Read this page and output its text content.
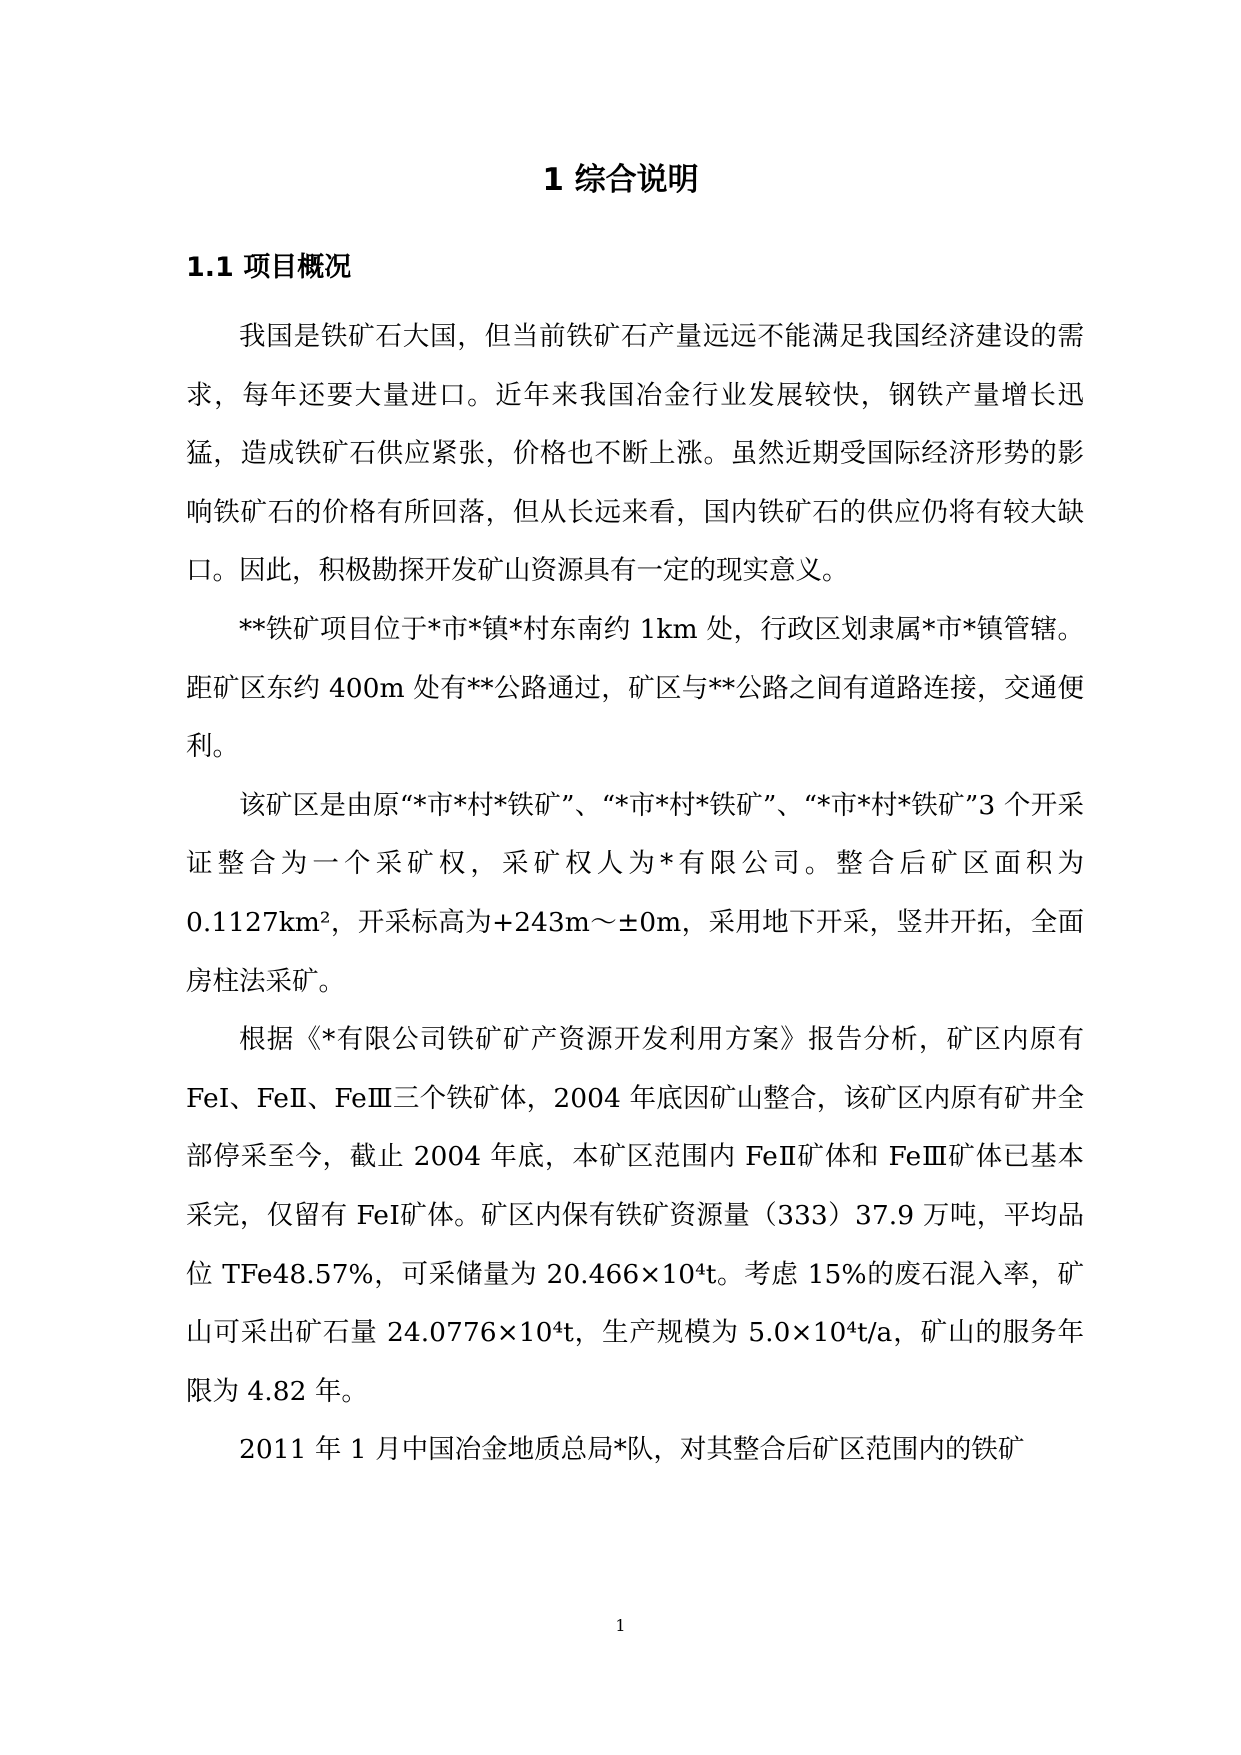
1 综合说明
1.1 项目概况

我国是铁矿石大国，但当前铁矿石产量远远不能满足我国经济建设的需求，每年还要大量进口。近年来我国冶金行业发展较快，钢铁产量增长迅猛，造成铁矿石供应紧张，价格也不断上涨。虽然近期受国际经济形势的影响铁矿石的价格有所回落，但从长远来看，国内铁矿石的供应仍将有较大缺口。因此，积极勘探开发矿山资源具有一定的现实意义。

**铁矿项目位于*市*镇*村东南约 1km 处，行政区划隶属*市*镇管辖。距矿区东约 400m 处有**公路通过，矿区与**公路之间有道路连接，交通便利。

该矿区是由原“*市*村*铁矿”、“*市*村*铁矿”、“*市*村*铁矿”3 个开采证整合为一个采矿权，采矿权人为*有限公司。整合后矿区面积为 0.1127km²，开采标高为+243m～±0m，采用地下开采，竖井开拓，全面房柱法采矿。

根据《*有限公司铁矿矿产资源开发利用方案》报告分析，矿区内原有 FeⅠ、FeⅡ、FeⅢ三个铁矿体，2004 年底因矿山整合，该矿区内原有矿井全部停采至今，截止 2004 年底，本矿区范围内 FeⅡ矿体和 FeⅢ矿体已基本采完，仅留有 FeⅠ矿体。矿区内保有铁矿资源量（333）37.9 万吨，平均品位 TFe48.57%，可采储量为 20.466×10⁴t。考虑 15%的废石混入率，矿山可采出矿石量 24.0776×10⁴t，生产规模为 5.0×10⁴t/a，矿山的服务年限为 4.82 年。

2011 年 1 月中国冶金地质总局*队，对其整合后矿区范围内的铁矿

1
